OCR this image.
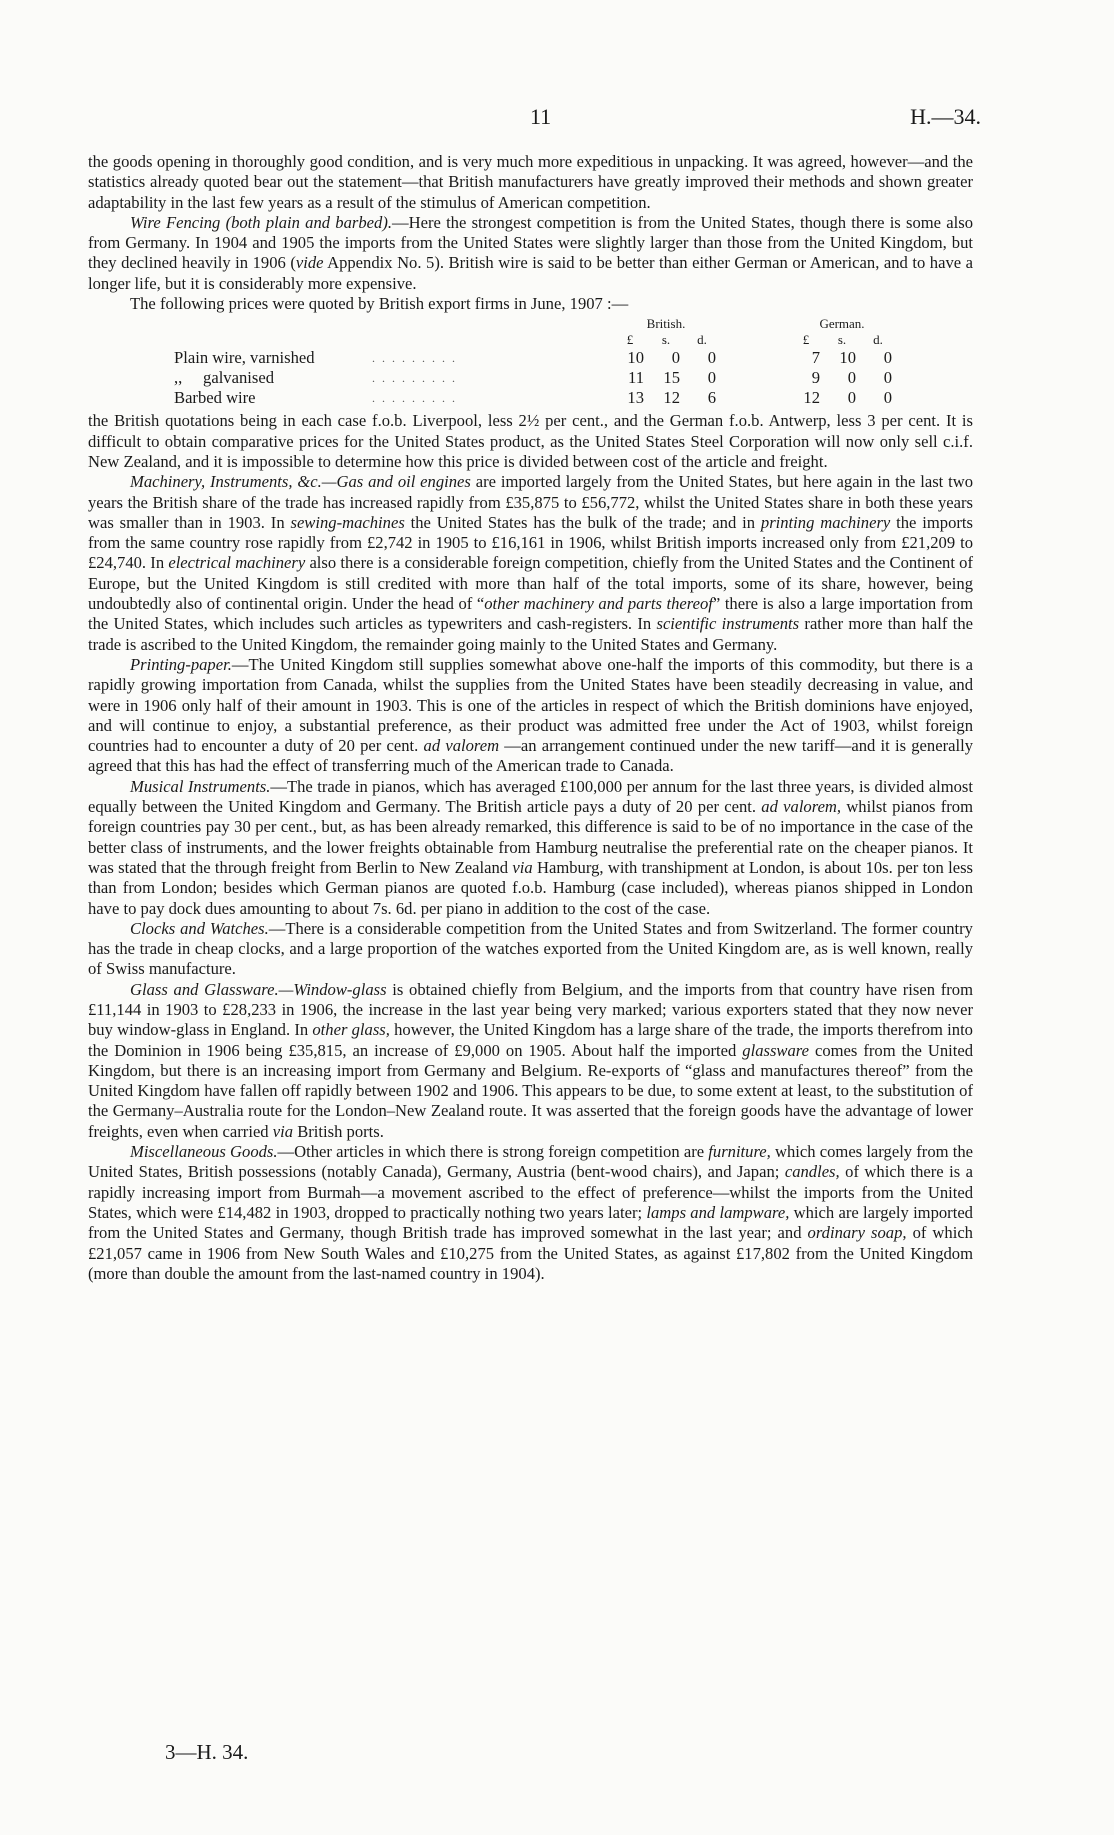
11	H.—34.

the goods opening in thoroughly good condition, and is very much more expeditious in unpacking. It was agreed, however—and the statistics already quoted bear out the statement—that British manufacturers have greatly improved their methods and shown greater adaptability in the last few years as a result of the stimulus of American competition.

Wire Fencing (both plain and barbed).—Here the strongest competition is from the United States, though there is some also from Germany. In 1904 and 1905 the imports from the United States were slightly larger than those from the United Kingdom, but they declined heavily in 1906 (vide Appendix No. 5). British wire is said to be better than either German or American, and to have a longer life, but it is considerably more expensive.

The following prices were quoted by British export firms in June, 1907 :—

		British.				German.		
		£	s.	d.		£	s.	d.
Plain wire, varnished	. . . . . . . . .	10	0	0		7	10	0
,,     galvanised	. . . . . . . . .	11	15	0		9	0	0
Barbed wire	. . . . . . . . .	13	12	6		12	0	0

the British quotations being in each case f.o.b. Liverpool, less 2½ per cent., and the German f.o.b. Antwerp, less 3 per cent. It is difficult to obtain comparative prices for the United States product, as the United States Steel Corporation will now only sell c.i.f. New Zealand, and it is impossible to determine how this price is divided between cost of the article and freight.

Machinery, Instruments, &c.—Gas and oil engines are imported largely from the United States, but here again in the last two years the British share of the trade has increased rapidly from £35,875 to £56,772, whilst the United States share in both these years was smaller than in 1903. In sewing-machines the United States has the bulk of the trade; and in printing machinery the imports from the same country rose rapidly from £2,742 in 1905 to £16,161 in 1906, whilst British imports increased only from £21,209 to £24,740. In electrical machinery also there is a considerable foreign competition, chiefly from the United States and the Continent of Europe, but the United Kingdom is still credited with more than half of the total imports, some of its share, however, being undoubtedly also of continental origin. Under the head of “other machinery and parts thereof” there is also a large importation from the United States, which includes such articles as typewriters and cash-registers. In scientific instruments rather more than half the trade is ascribed to the United Kingdom, the remainder going mainly to the United States and Germany.

Printing-paper.—The United Kingdom still supplies somewhat above one-half the imports of this commodity, but there is a rapidly growing importation from Canada, whilst the supplies from the United States have been steadily decreasing in value, and were in 1906 only half of their amount in 1903. This is one of the articles in respect of which the British dominions have enjoyed, and will continue to enjoy, a substantial preference, as their product was admitted free under the Act of 1903, whilst foreign countries had to encounter a duty of 20 per cent. ad valorem —an arrangement continued under the new tariff—and it is generally agreed that this has had the effect of transferring much of the American trade to Canada.

Musical Instruments.—The trade in pianos, which has averaged £100,000 per annum for the last three years, is divided almost equally between the United Kingdom and Germany. The British article pays a duty of 20 per cent. ad valorem, whilst pianos from foreign countries pay 30 per cent., but, as has been already remarked, this difference is said to be of no importance in the case of the better class of instruments, and the lower freights obtainable from Hamburg neutralise the preferential rate on the cheaper pianos. It was stated that the through freight from Berlin to New Zealand via Hamburg, with transhipment at London, is about 10s. per ton less than from London; besides which German pianos are quoted f.o.b. Hamburg (case included), whereas pianos shipped in London have to pay dock dues amounting to about 7s. 6d. per piano in addition to the cost of the case.

Clocks and Watches.—There is a considerable competition from the United States and from Switzerland. The former country has the trade in cheap clocks, and a large proportion of the watches exported from the United Kingdom are, as is well known, really of Swiss manufacture.

Glass and Glassware.—Window-glass is obtained chiefly from Belgium, and the imports from that country have risen from £11,144 in 1903 to £28,233 in 1906, the increase in the last year being very marked; various exporters stated that they now never buy window-glass in England. In other glass, however, the United Kingdom has a large share of the trade, the imports therefrom into the Dominion in 1906 being £35,815, an increase of £9,000 on 1905. About half the imported glassware comes from the United Kingdom, but there is an increasing import from Germany and Belgium. Re-exports of “glass and manufactures thereof” from the United Kingdom have fallen off rapidly between 1902 and 1906. This appears to be due, to some extent at least, to the substitution of the Germany–Australia route for the London–New Zealand route. It was asserted that the foreign goods have the advantage of lower freights, even when carried via British ports.

Miscellaneous Goods.—Other articles in which there is strong foreign competition are furniture, which comes largely from the United States, British possessions (notably Canada), Germany, Austria (bent-wood chairs), and Japan; candles, of which there is a rapidly increasing import from Burmah—a movement ascribed to the effect of preference—whilst the imports from the United States, which were £14,482 in 1903, dropped to practically nothing two years later; lamps and lampware, which are largely imported from the United States and Germany, though British trade has improved somewhat in the last year; and ordinary soap, of which £21,057 came in 1906 from New South Wales and £10,275 from the United States, as against £17,802 from the United Kingdom (more than double the amount from the last-named country in 1904).

3—H. 34.
